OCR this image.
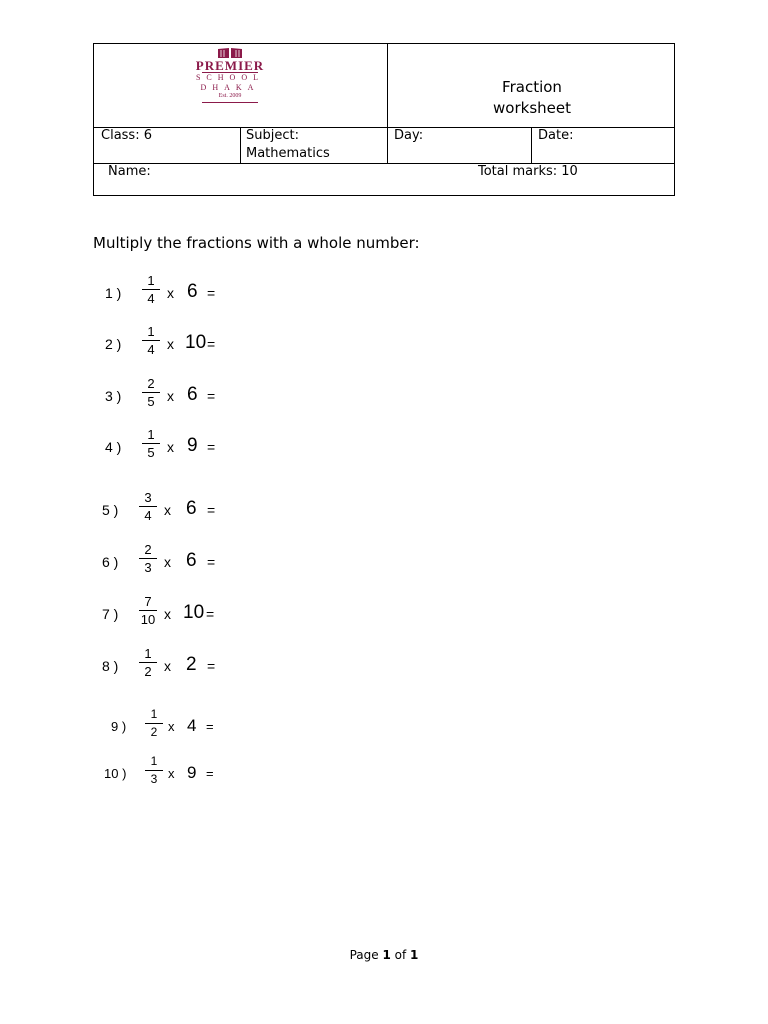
PREMIER
SCHOOL
DHAKA
Est. 2009	Fraction
worksheet
Class: 6	Subject:
Mathematics
Day:	Date:
Name:	Total marks: 10
Multiply the fractions with a whole number:
1 )
1
4 x 6 =
2 )
1
4 x 10 =
3 )
2
5 x 6 =
4 )
1
5 x 9 =
5 )
3
4 x 6 =
6 )
2
3 x 6 =
7 )
7
10 x 10 =
8 )
1
2 x 2 =
9 )
1
2 x 4 =
10 )
1
3 x 9 =
Page 1 of 1
